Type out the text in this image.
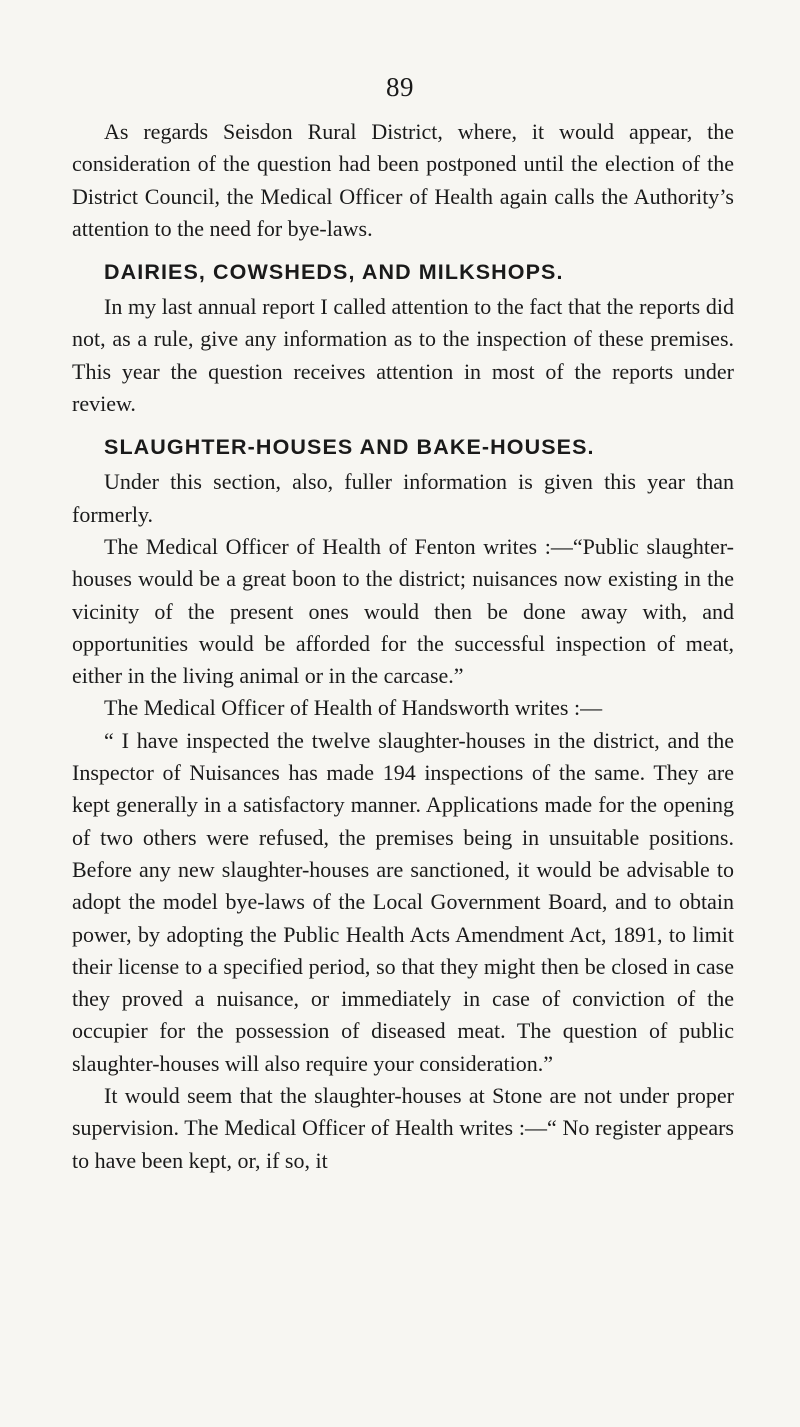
89

As regards Seisdon Rural District, where, it would appear, the consideration of the question had been postponed until the election of the District Council, the Medical Officer of Health again calls the Authority’s attention to the need for bye-laws.

DAIRIES, COWSHEDS, AND MILKSHOPS.

In my last annual report I called attention to the fact that the reports did not, as a rule, give any information as to the inspection of these premises. This year the question receives attention in most of the reports under review.

SLAUGHTER-HOUSES AND BAKE-HOUSES.

Under this section, also, fuller information is given this year than formerly.

The Medical Officer of Health of Fenton writes :—“Public slaughter-houses would be a great boon to the district; nuisances now existing in the vicinity of the present ones would then be done away with, and opportunities would be afforded for the successful inspection of meat, either in the living animal or in the carcase.”

The Medical Officer of Health of Handsworth writes :—

“ I have inspected the twelve slaughter-houses in the district, and the Inspector of Nuisances has made 194 inspections of the same. They are kept generally in a satisfactory manner. Applications made for the opening of two others were refused, the premises being in unsuitable positions. Before any new slaughter-houses are sanctioned, it would be advisable to adopt the model bye-laws of the Local Government Board, and to obtain power, by adopting the Public Health Acts Amendment Act, 1891, to limit their license to a specified period, so that they might then be closed in case they proved a nuisance, or immediately in case of conviction of the occupier for the possession of diseased meat. The question of public slaughter-houses will also require your consideration.”

It would seem that the slaughter-houses at Stone are not under proper supervision. The Medical Officer of Health writes :—“ No register appears to have been kept, or, if so, it
